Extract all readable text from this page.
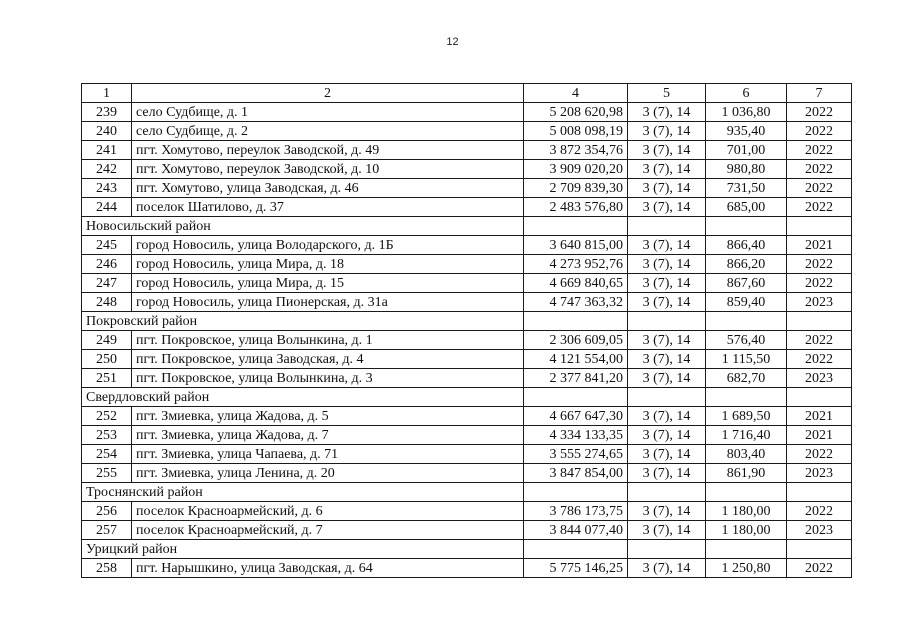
12
1	2	4	5	6	7
239	село Судбище, д. 1	5 208 620,98	3 (7), 14	1 036,80	2022
240	село Судбище, д. 2	5 008 098,19	3 (7), 14	935,40	2022
241	пгт. Хомутово, переулок Заводской, д. 49	3 872 354,76	3 (7), 14	701,00	2022
242	пгт. Хомутово, переулок Заводской, д. 10	3 909 020,20	3 (7), 14	980,80	2022
243	пгт. Хомутово, улица Заводская, д. 46	2 709 839,30	3 (7), 14	731,50	2022
244	поселок Шатилово, д. 37	2 483 576,80	3 (7), 14	685,00	2022
Новосильский район					
245	город Новосиль, улица Володарского, д. 1Б	3 640 815,00	3 (7), 14	866,40	2021
246	город Новосиль, улица Мира, д. 18	4 273 952,76	3 (7), 14	866,20	2022
247	город Новосиль, улица Мира, д. 15	4 669 840,65	3 (7), 14	867,60	2022
248	город Новосиль, улица Пионерская, д. 31а	4 747 363,32	3 (7), 14	859,40	2023
Покровский район					
249	пгт. Покровское, улица Волынкина, д. 1	2 306 609,05	3 (7), 14	576,40	2022
250	пгт. Покровское, улица Заводская, д. 4	4 121 554,00	3 (7), 14	1 115,50	2022
251	пгт. Покровское, улица Волынкина, д. 3	2 377 841,20	3 (7), 14	682,70	2023
Свердловский район					
252	пгт. Змиевка, улица Жадова, д. 5	4 667 647,30	3 (7), 14	1 689,50	2021
253	пгт. Змиевка, улица Жадова, д. 7	4 334 133,35	3 (7), 14	1 716,40	2021
254	пгт. Змиевка, улица Чапаева, д. 71	3 555 274,65	3 (7), 14	803,40	2022
255	пгт. Змиевка, улица Ленина, д. 20	3 847 854,00	3 (7), 14	861,90	2023
Троснянский район					
256	поселок Красноармейский, д. 6	3 786 173,75	3 (7), 14	1 180,00	2022
257	поселок Красноармейский, д. 7	3 844 077,40	3 (7), 14	1 180,00	2023
Урицкий район					
258	пгт. Нарышкино, улица Заводская, д. 64	5 775 146,25	3 (7), 14	1 250,80	2022
